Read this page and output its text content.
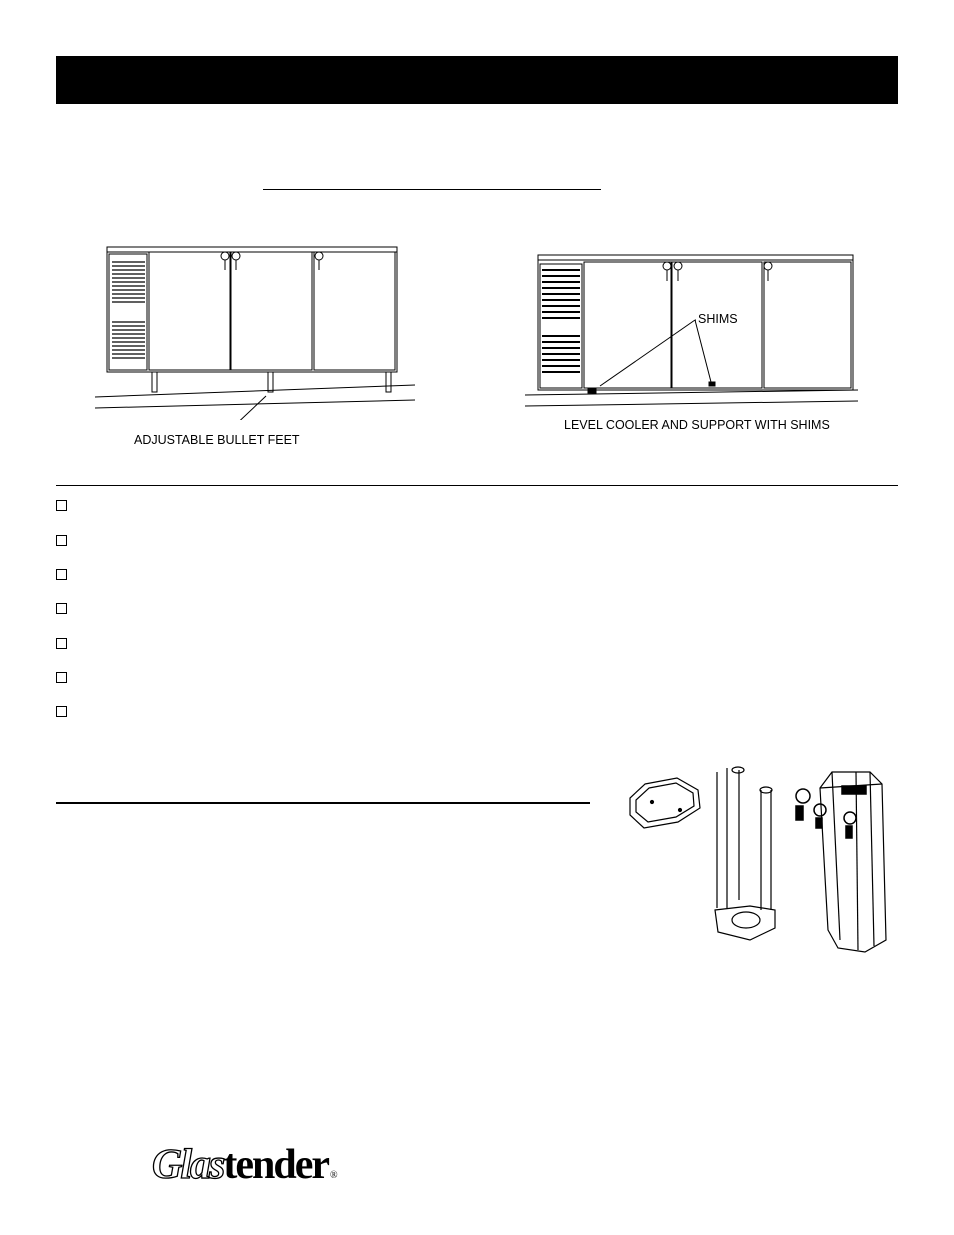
ADJUSTABLE BULLET FEET
SHIMS
LEVEL COOLER AND SUPPORT WITH SHIMS
Glastender ®
